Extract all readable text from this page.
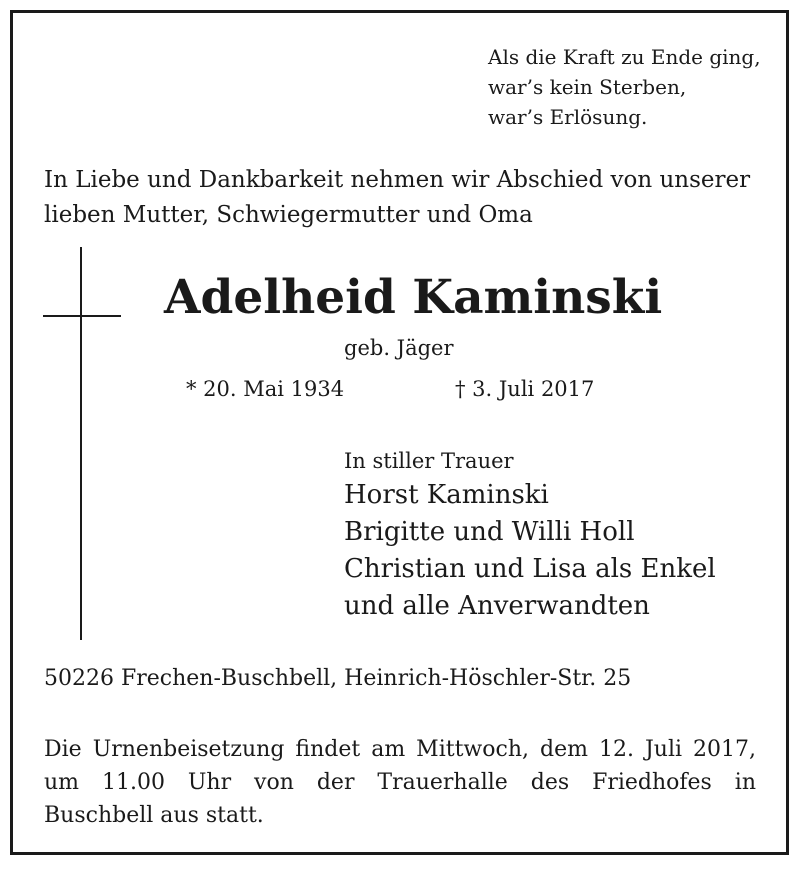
Als die Kraft zu Ende ging,
war’s kein Sterben,
war’s Erlösung.
In Liebe und Dankbarkeit nehmen wir Abschied von unserer
lieben Mutter, Schwiegermutter und Oma
Adelheid Kaminski
geb. Jäger
* 20. Mai 1934	† 3. Juli 2017
In stiller Trauer
Horst Kaminski
Brigitte und Willi Holl
Christian und Lisa als Enkel
und alle Anverwandten
50226 Frechen-Buschbell, Heinrich-Höschler-Str. 25
Die Urnenbeisetzung findet am Mittwoch, dem 12. Juli 2017,
um 11.00 Uhr von der Trauerhalle des Friedhofes in
Buschbell aus statt.
